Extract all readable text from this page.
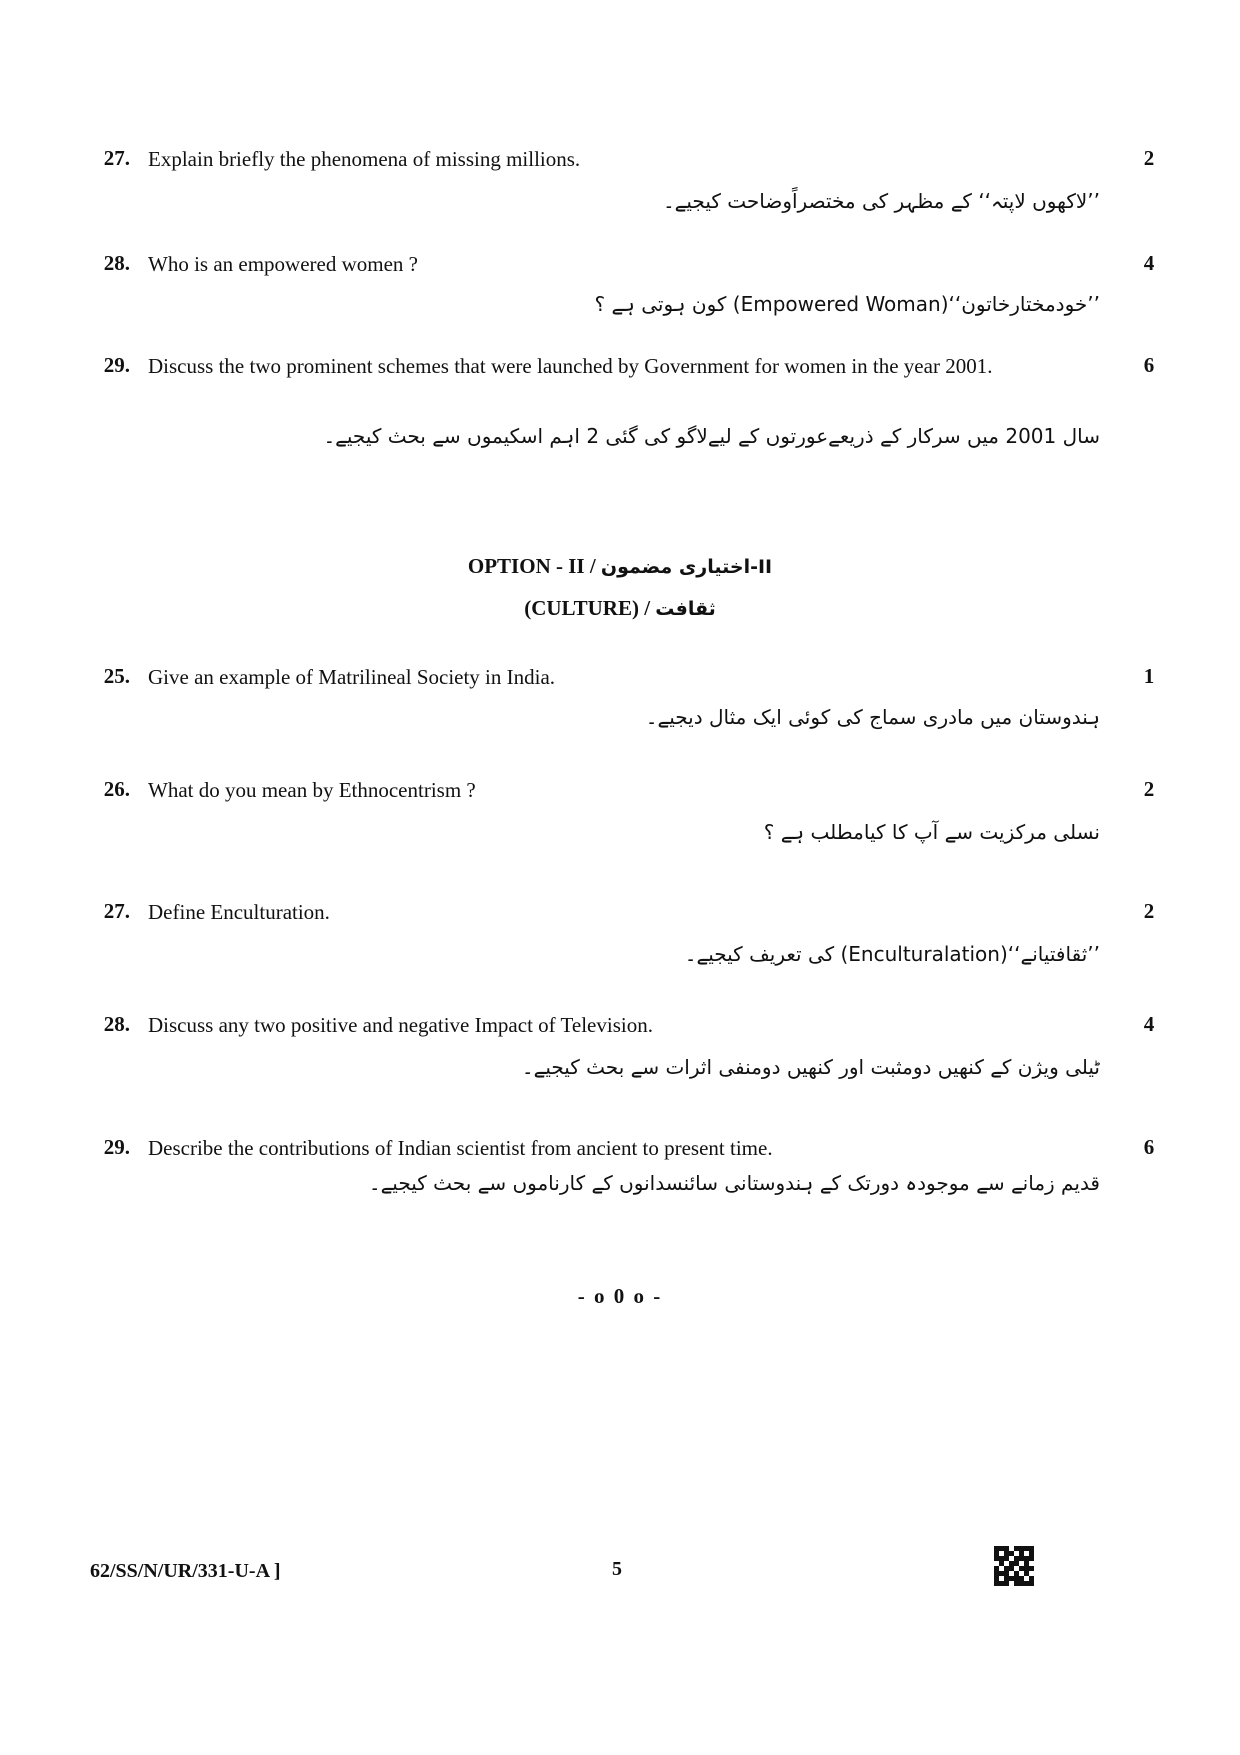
27. Explain briefly the phenomena of missing millions.	2
’’لاکھوں لاپتہ‘‘ کے مظہر کی مختصراًوضاحت کیجیے۔
28. Who is an empowered women ?	4
’’خودمختارخاتون‘‘(Empowered Woman) کون ہوتی ہے ؟
29. Discuss the two prominent schemes that were launched by Government for women in the year 2001.	6
سال 2001 میں سرکار کے ذریعےعورتوں کے لیےلاگو کی گئی 2 اہم اسکیموں سے بحث کیجیے۔
OPTION - II / اختیاری مضمون-II
(CULTURE) / ثقافت
25. Give an example of Matrilineal Society in India.	1
ہندوستان میں مادری سماج کی کوئی ایک مثال دیجیے۔
26. What do you mean by Ethnocentrism ?	2
نسلی مرکزیت سے آپ کا کیامطلب ہے ؟
27. Define Enculturation.	2
’’ثقافتیانے‘‘(Enculturalation) کی تعریف کیجیے۔
28. Discuss any two positive and negative Impact of Television.	4
ٹیلی ویژن کے کنھیں دومثبت اور کنھیں دومنفی اثرات سے بحث کیجیے۔
29. Describe the contributions of Indian scientist from ancient to present time.	6
قدیم زمانے سے موجودہ دورتک کے ہندوستانی سائنسدانوں کے کارناموں سے بحث کیجیے۔
- o 0 o -
62/SS/N/UR/331-U-A ]	5
